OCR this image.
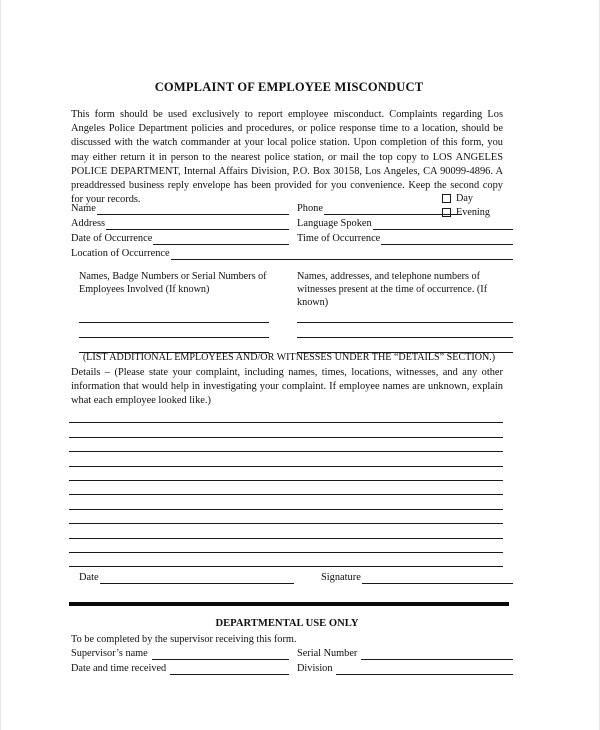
COMPLAINT OF EMPLOYEE MISCONDUCT
This form should be used exclusively to report employee misconduct. Complaints regarding Los Angeles Police Department policies and procedures, or police response time to a location, should be discussed with the watch commander at your local police station. Upon completion of this form, you may either return it in person to the nearest police station, or mail the top copy to LOS ANGELES POLICE DEPARTMENT, Internal Affairs Division, P.O. Box 30158, Los Angeles, CA 90099-4896. A preaddressed business reply envelope has been provided for you convenience. Keep the second copy for your records.	Day
Evening
Name	Phone
Address	Language Spoken
Date of Occurrence	Time of Occurrence
Location of Occurrence
Names, Badge Numbers or Serial Numbers of Employees Involved (If known)
Names, addresses, and telephone numbers of witnesses present at the time of occurrence. (If known)
(LIST ADDITIONAL EMPLOYEES AND/OR WITNESSES UNDER THE “DETAILS” SECTION.)
Details – (Please state your complaint, including names, times, locations, witnesses, and any other information that would help in investigating your complaint. If employee names are unknown, explain what each employee looked like.)
Date	Signature
DEPARTMENTAL USE ONLY
To be completed by the supervisor receiving this form.
Supervisor’s name	Serial Number
Date and time received	Division
